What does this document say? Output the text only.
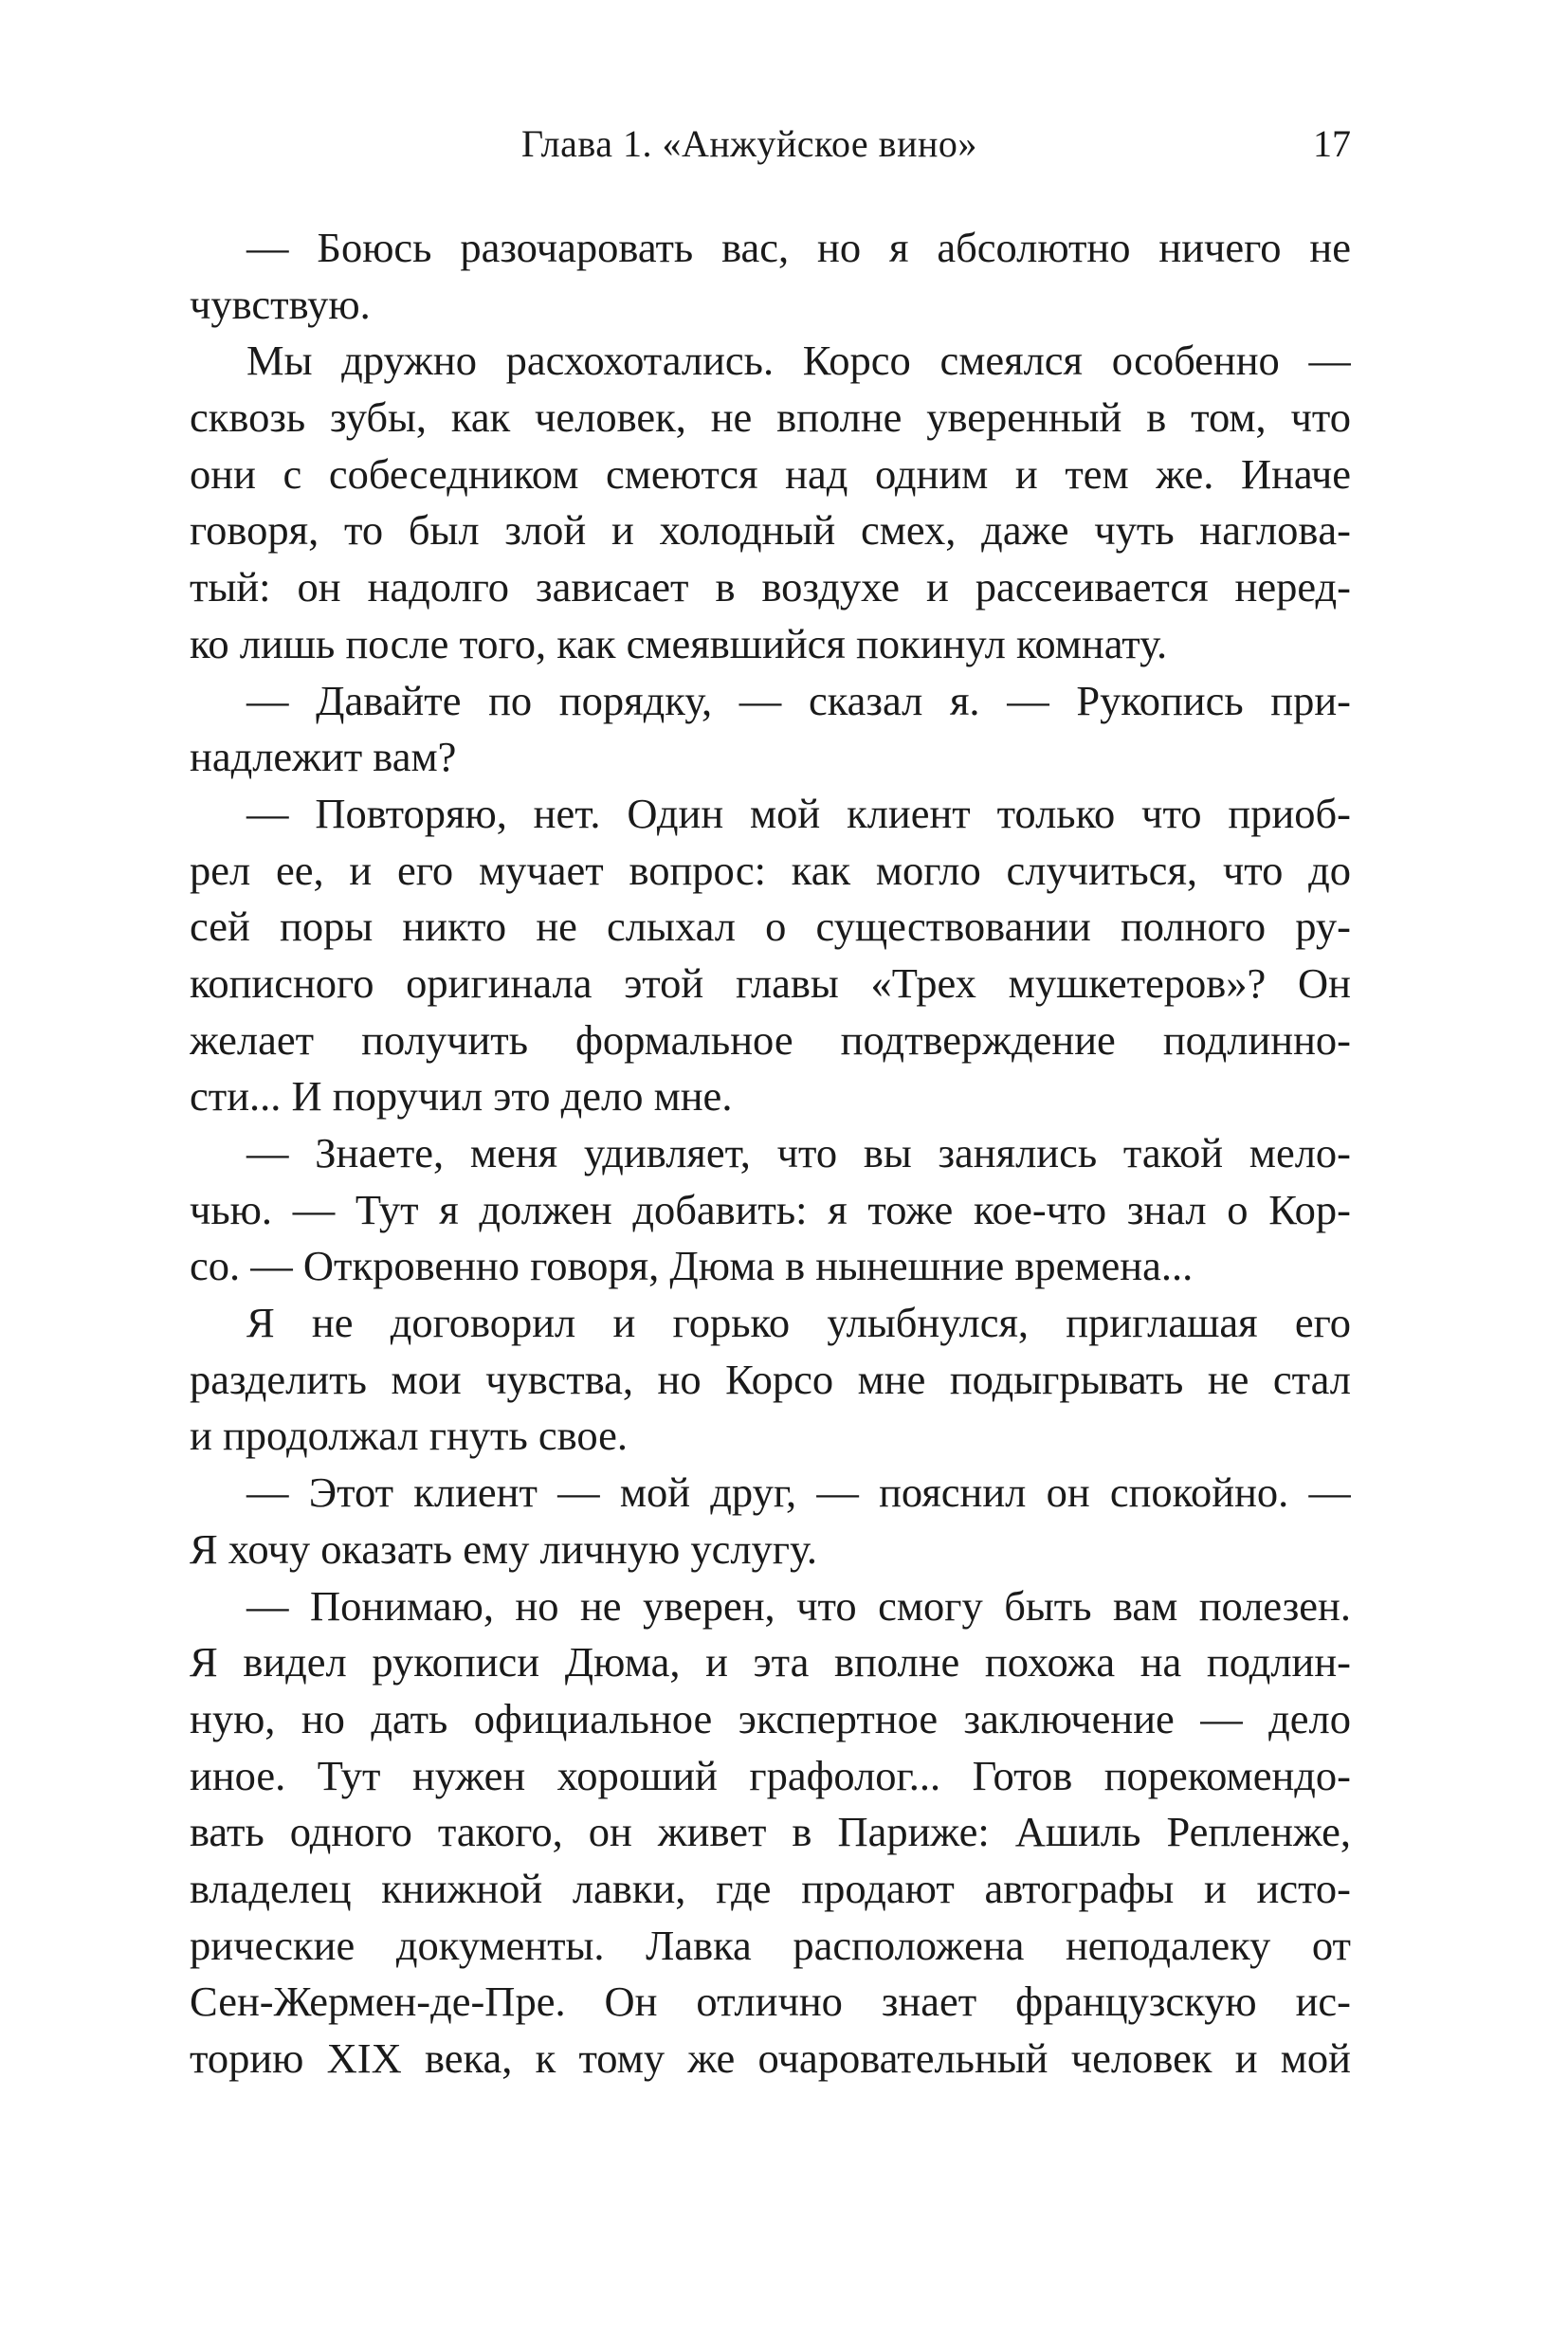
Глава 1. «Анжуйское вино»	17
— Боюсь разочаровать вас, но я абсолютно ничего не
чувствую.
Мы дружно расхохотались. Корсо смеялся особенно —
сквозь зубы, как человек, не вполне уверенный в том, что
они с собеседником смеются над одним и тем же. Иначе
говоря, то был злой и холодный смех, даже чуть нагловa-
тый: он надолго зависает в воздухе и рассеивается неред-
ко лишь после того, как смеявшийся покинул комнату.
— Давайте по порядку, — сказал я. — Рукопись при-
надлежит вам?
— Повторяю, нет. Один мой клиент только что приоб-
рел ее, и его мучает вопрос: как могло случиться, что до
сей поры никто не слыхал о существовании полного ру-
кописного оригинала этой главы «Трех мушкетеров»? Он
желает получить формальное подтверждение подлинно-
сти... И поручил это дело мне.
— Знаете, меня удивляет, что вы занялись такой мело-
чью. — Тут я должен добавить: я тоже кое-что знал о Кор-
со. — Откровенно говоря, Дюма в нынешние времена...
Я не договорил и горько улыбнулся, приглашая его
разделить мои чувства, но Корсо мне подыгрывать не стал
и продолжал гнуть свое.
— Этот клиент — мой друг, — пояснил он спокойно. —
Я хочу оказать ему личную услугу.
— Понимаю, но не уверен, что смогу быть вам полезен.
Я видел рукописи Дюма, и эта вполне похожа на подлин-
ную, но дать официальное экспертное заключение — дело
иное. Тут нужен хороший графолог... Готов порекомендо-
вать одного такого, он живет в Париже: Ашиль Репленже,
владелец книжной лавки, где продают автографы и исто-
рические документы. Лавка расположена неподалеку от
Сен-Жермен-де-Пре. Он отлично знает французскую ис-
торию XIX века, к тому же очаровательный человек и мой
